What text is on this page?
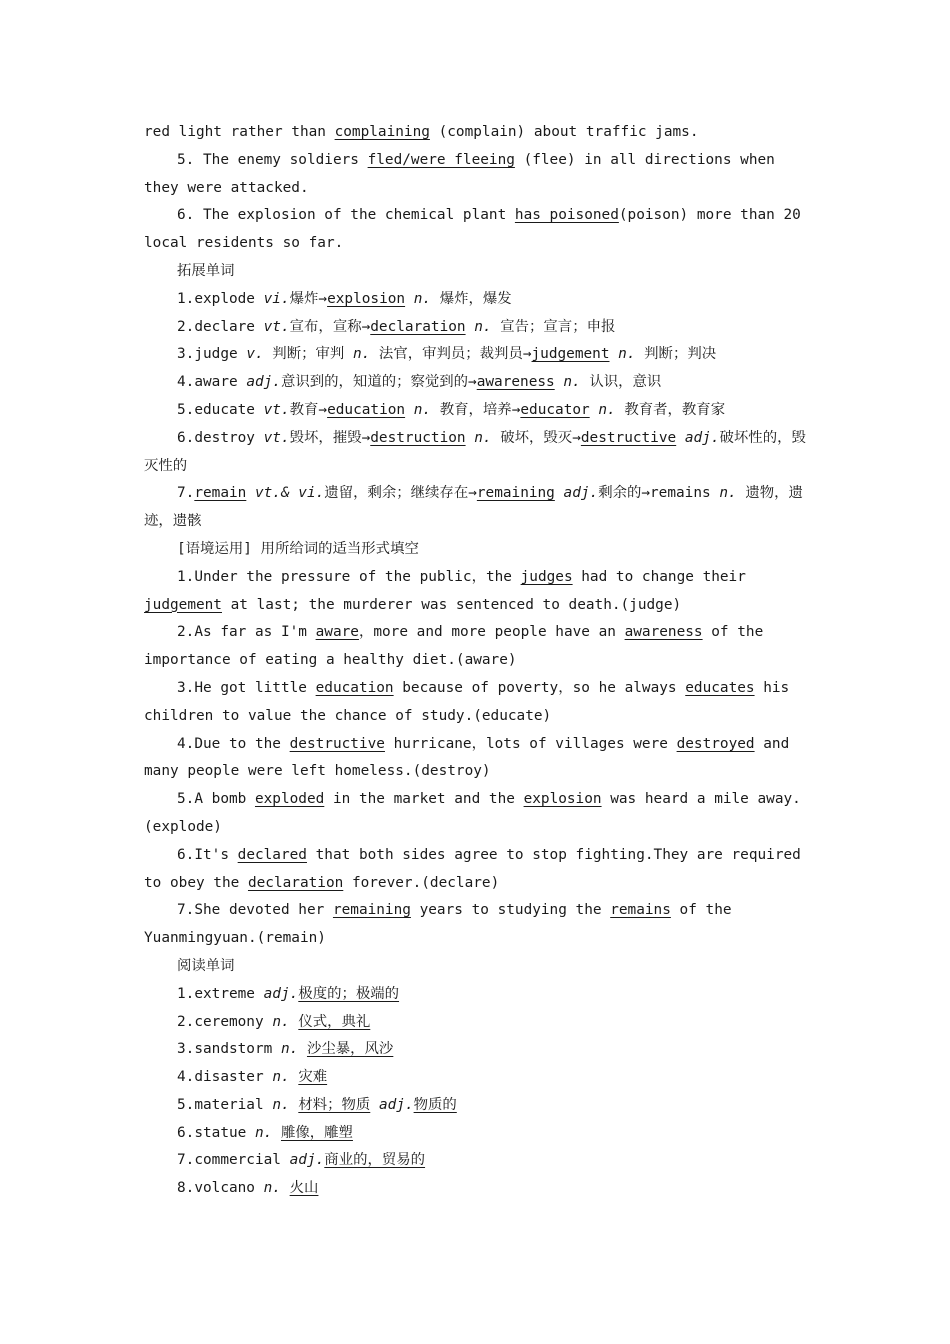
red light rather than complaining (complain) about traffic jams.

5. The enemy soldiers fled/were fleeing (flee) in all directions when they were attacked.

6. The explosion of the chemical plant has poisoned(poison) more than 20 local residents so far.

拓展单词

1.explode vi.爆炸→explosion n. 爆炸，爆发

2.declare vt.宣布，宣称→declaration n. 宣告；宣言；申报

3.judge v. 判断；审判 n. 法官，审判员；裁判员→judgement n. 判断；判决

4.aware adj.意识到的，知道的；察觉到的→awareness n. 认识，意识

5.educate vt.教育→education n. 教育，培养→educator n. 教育者，教育家

6.destroy vt.毁坏，摧毁→destruction n. 破坏，毁灭→destructive adj.破坏性的，毁灭性的

7.remain vt.& vi.遗留，剩余；继续存在→remaining adj.剩余的→remains n. 遗物，遗迹，遗骸

[语境运用] 用所给词的适当形式填空

1.Under the pressure of the public，the judges had to change their judgement at last; the murderer was sentenced to death.(judge)

2.As far as I'm aware，more and more people have an awareness of the importance of eating a healthy diet.(aware)

3.He got little education because of poverty，so he always educates his children to value the chance of study.(educate)

4.Due to the destructive hurricane，lots of villages were destroyed and many people were left homeless.(destroy)

5.A bomb exploded in the market and the explosion was heard a mile away.(explode)

6.It's declared that both sides agree to stop fighting.They are required to obey the declaration forever.(declare)

7.She devoted her remaining years to studying the remains of the Yuanmingyuan.(remain)

阅读单词

1.extreme adj.极度的；极端的

2.ceremony n. 仪式，典礼

3.sandstorm n. 沙尘暴，风沙

4.disaster n. 灾难

5.material n. 材料；物质 adj.物质的

6.statue n. 雕像，雕塑

7.commercial adj.商业的，贸易的

8.volcano n. 火山
